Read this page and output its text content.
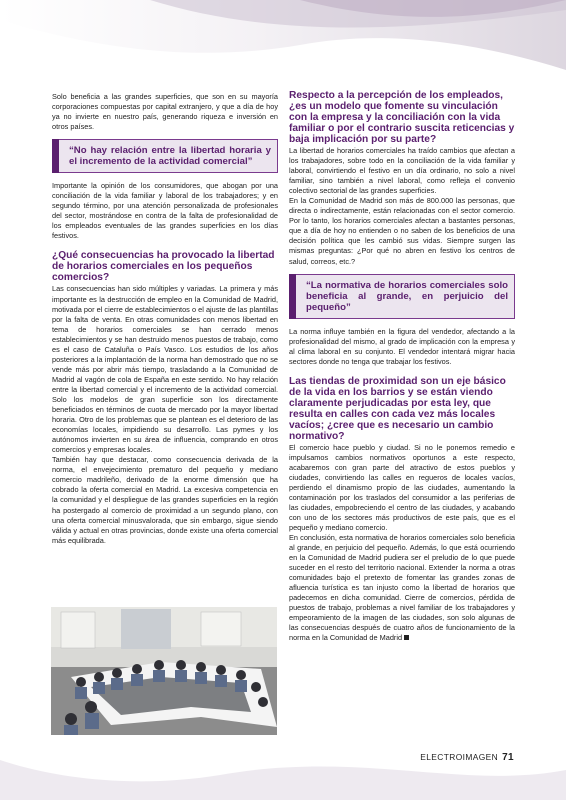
Solo beneficia a las grandes superficies, que son en su mayoría corporaciones compuestas por capital extranjero, y que a día de hoy ya no invierte en nuestro país, generando riqueza e inversión en otros países.

“No hay relación entre la libertad horaria y el incremento de la actividad comercial”

Importante la opinión de los consumidores, que abogan por una conciliación de la vida familiar y laboral de los trabajadores; y en segundo término, por una atención personalizada de profesionales del sector, mostrándose en contra de la falta de profesionalidad de los empleados eventuales de las grandes superficies en los días festivos.

¿Qué consecuencias ha provocado la libertad de horarios comerciales en los pequeños comercios?

Las consecuencias han sido múltiples y variadas. La primera y más importante es la destrucción de empleo en la Comunidad de Madrid, motivada por el cierre de establecimientos o el ajuste de las plantillas por la falta de venta. En otras comunidades con menos libertad en tema de horarios comerciales se han cerrado menos establecimientos y se han destruido menos puestos de trabajo, como es el caso de Cataluña o País Vasco. Los estudios de los años posteriores a la implantación de la norma han demostrado que no se vende más por abrir más tiempo, trasladando a la Comunidad de Madrid al vagón de cola de España en este sentido. No hay relación entre la libertad comercial y el incremento de la actividad comercial. Solo los modelos de gran superficie son los directamente beneficiados en términos de cuota de mercado por la mayor libertad horaria. Otro de los problemas que se plantean es el deterioro de las economías locales, impidiendo su desarrollo. Las pymes y los autónomos invierten en su área de influencia, comprando en otros comercios y empresas locales.

También hay que destacar, como consecuencia derivada de la norma, el envejecimiento prematuro del pequeño y mediano comercio madrileño, derivado de la enorme dimensión que ha cobrado la oferta comercial en Madrid. La excesiva competencia en la comunidad y el despliegue de las grandes superficies en la región ha postergado al comercio de proximidad a un segundo plano, con una oferta comercial minusvalorada, que sin embargo, sigue siendo válida y actual en otras provincias, donde existe una oferta comercial más equilibrada.

Respecto a la percepción de los empleados, ¿es un modelo que fomente su vinculación con la empresa y la conciliación con la vida familiar o por el contrario suscita reticencias y baja implicación por su parte?

La libertad de horarios comerciales ha traído cambios que afectan a los trabajadores, sobre todo en la conciliación de la vida familiar y laboral, convirtiendo el festivo en un día ordinario, no solo a nivel familiar, sino también a nivel laboral, como refleja el convenio colectivo sectorial de las grandes superficies.

En la Comunidad de Madrid son más de 800.000 las personas, que directa o indirectamente, están relacionadas con el sector comercio. Por lo tanto, los horarios comerciales afectan a bastantes personas, que a día de hoy no entienden o no saben de los beneficios de una decisión política que les cambió sus vidas. Siempre surgen las mismas preguntas: ¿Por qué no abren en festivo los centros de salud, correos, etc.?

“La normativa de horarios comerciales solo beneficia al grande, en perjuicio del pequeño”

La norma influye también en la figura del vendedor, afectando a la profesionalidad del mismo, al grado de implicación con la empresa y al clima laboral en su conjunto. El vendedor intentará migrar hacia sectores donde no tenga que trabajar los festivos.

Las tiendas de proximidad son un eje básico de la vida en los barrios y se están viendo claramente perjudicadas por esta ley, que resulta en calles con cada vez más locales vacíos; ¿cree que es necesario un cambio normativo?

El comercio hace pueblo y ciudad. Si no le ponemos remedio e impulsamos cambios normativos oportunos a este respecto, acabaremos con gran parte del atractivo de estos pueblos y ciudades, convirtiendo las calles en regueros de locales vacíos, perdiendo el dinamismo propio de las ciudades, aumentando la contaminación por los traslados del consumidor a las periferias de las ciudades, empobreciendo el centro de las ciudades, y acabando con uno de los sectores más productivos de este país, que es el pequeño y mediano comercio.

En conclusión, esta normativa de horarios comerciales solo beneficia al grande, en perjuicio del pequeño. Además, lo que está ocurriendo en la Comunidad de Madrid pudiera ser el preludio de lo que puede suceder en el resto del territorio nacional. Extender la norma a otras comunidades bajo el pretexto de fomentar las grandes zonas de afluencia turística es tan injusto como la libertad de horarios que padecemos en dicha comunidad. Cierre de comercios, pérdida de puestos de trabajo, problemas a nivel familiar de los trabajadores y empeoramiento de la imagen de las ciudades, son solo algunas de las consecuencias después de cuatro años de funcionamiento de la norma en la Comunidad de Madrid

ELECTROIMAGEN 71
